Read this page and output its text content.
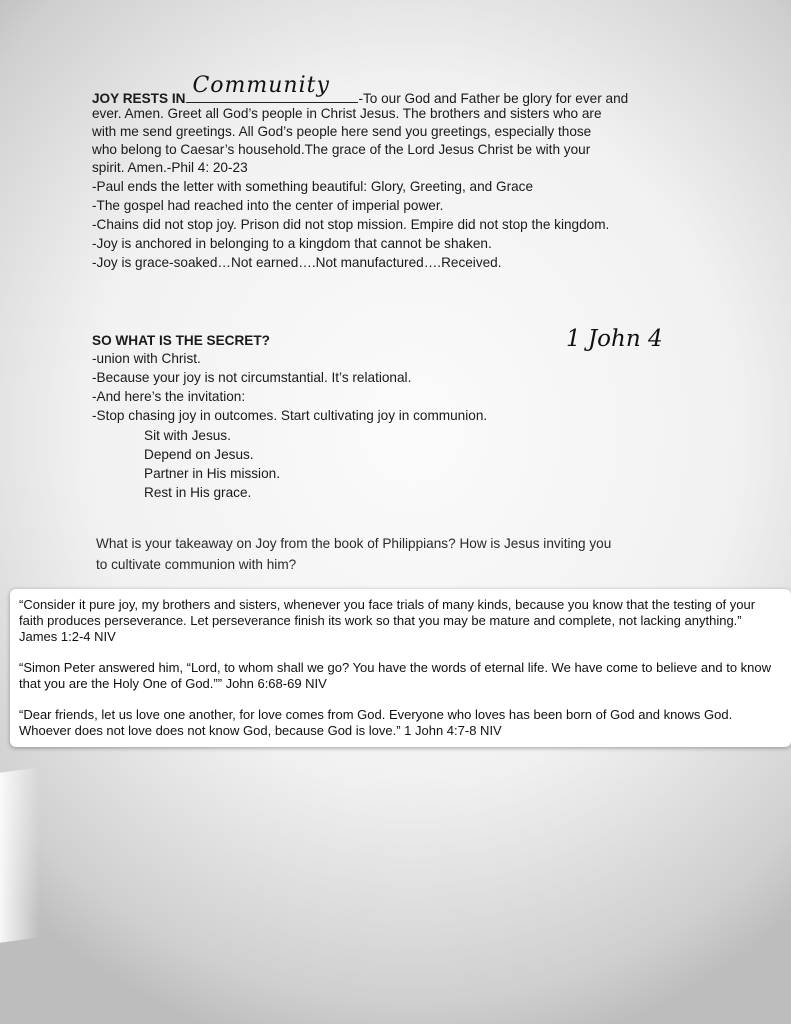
JOY RESTS IN
Community
-To our God and Father be glory for ever and
ever. Amen. Greet all God’s people in Christ Jesus. The brothers and sisters who are
with me send greetings. All God’s people here send you greetings, especially those
who belong to Caesar’s household.The grace of the Lord Jesus Christ be with your
spirit. Amen.-Phil 4: 20-23
-Paul ends the letter with something beautiful: Glory, Greeting, and Grace
-The gospel had reached into the center of imperial power.
-Chains did not stop joy. Prison did not stop mission. Empire did not stop the kingdom.
-Joy is anchored in belonging to a kingdom that cannot be shaken.
-Joy is grace-soaked…Not earned….Not manufactured….Received.
SO WHAT IS THE SECRET?
-union with Christ.
-Because your joy is not circumstantial. It’s relational.
-And here’s the invitation:
-Stop chasing joy in outcomes. Start cultivating joy in communion.
Sit with Jesus.
Depend on Jesus.
Partner in His mission.
Rest in His grace.
What is your takeaway on Joy from the book of Philippians? How is Jesus inviting you
to cultivate communion with him?
1 John 4

“Consider it pure joy, my brothers and sisters, whenever you face trials of many kinds, because you know that the testing of your faith produces perseverance. Let perseverance finish its work so that you may be mature and complete, not lacking anything.” James 1:2-4 NIV

“Simon Peter answered him, “Lord, to whom shall we go? You have the words of eternal life. We have come to believe and to know that you are the Holy One of God.”” John 6:68-69 NIV

“Dear friends, let us love one another, for love comes from God. Everyone who loves has been born of God and knows God. Whoever does not love does not know God, because God is love.” 1 John 4:7-8 NIV
